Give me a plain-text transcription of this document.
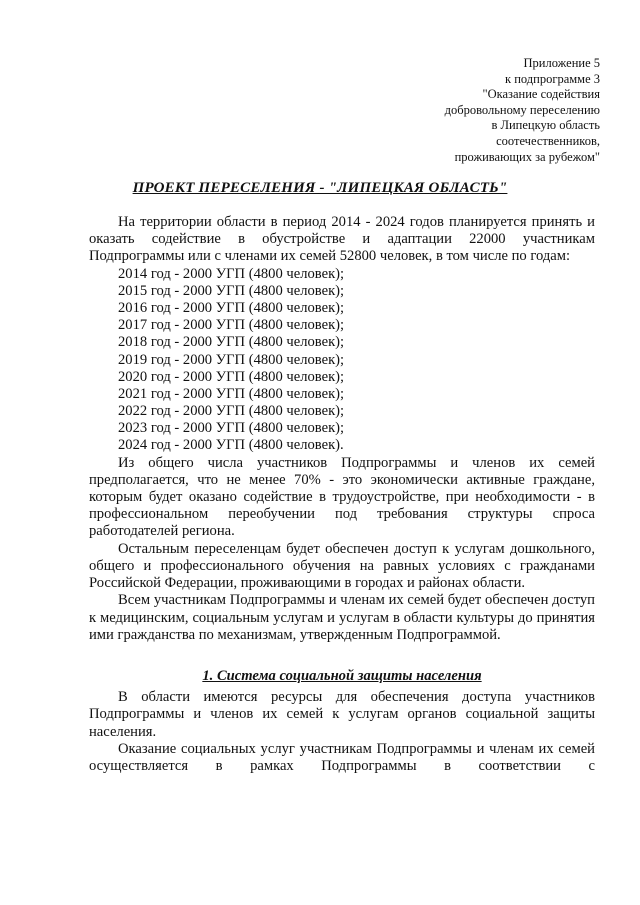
Приложение 5
к подпрограмме 3
"Оказание содействия
добровольному переселению
в Липецкую область
соотечественников,
проживающих за рубежом"
ПРОЕКТ ПЕРЕСЕЛЕНИЯ - "ЛИПЕЦКАЯ ОБЛАСТЬ"

На территории области в период 2014 - 2024 годов планируется принять и оказать содействие в обустройстве и адаптации 22000 участникам Подпрограммы или с членами их семей 52800 человек, в том числе по годам:

2014 год - 2000 УГП (4800 человек);
2015 год - 2000 УГП (4800 человек);
2016 год - 2000 УГП (4800 человек);
2017 год - 2000 УГП (4800 человек);
2018 год - 2000 УГП (4800 человек);
2019 год - 2000 УГП (4800 человек);
2020 год - 2000 УГП (4800 человек);
2021 год - 2000 УГП (4800 человек);
2022 год - 2000 УГП (4800 человек);
2023 год - 2000 УГП (4800 человек);
2024 год - 2000 УГП (4800 человек).

Из общего числа участников Подпрограммы и членов их семей предполагается, что не менее 70% - это экономически активные граждане, которым будет оказано содействие в трудоустройстве, при необходимости - в профессиональном переобучении под требования структуры спроса работодателей региона.

Остальным переселенцам будет обеспечен доступ к услугам дошкольного, общего и профессионального обучения на равных условиях с гражданами Российской Федерации, проживающими в городах и районах области.

Всем участникам Подпрограммы и членам их семей будет обеспечен доступ к медицинским, социальным услугам и услугам в области культуры до принятия ими гражданства по механизмам, утвержденным Подпрограммой.

1. Система социальной защиты населения

В области имеются ресурсы для обеспечения доступа участников Подпрограммы и членов их семей к услугам органов социальной защиты населения.

Оказание социальных услуг участникам Подпрограммы и членам их семей осуществляется в рамках Подпрограммы в соответствии с
